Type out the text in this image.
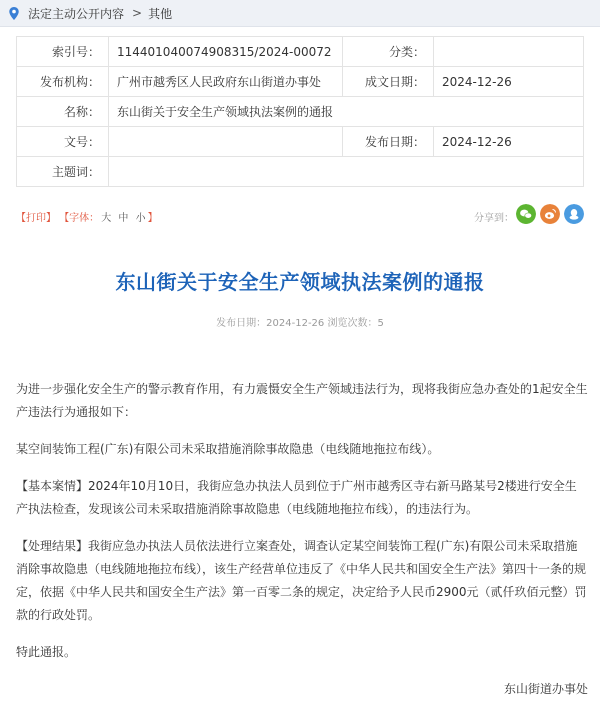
法定主动公开内容 > 其他
索引号：	114401040074908315/2024-00072	分类：	
发布机构：	广州市越秀区人民政府东山街道办事处	成文日期：	2024-12-26
名称：	东山街关于安全生产领域执法案例的通报		
文号：		发布日期：	2024-12-26
主题词：			
【打印】 【字体： 大 中 小 】	分享到：
东山街关于安全生产领域执法案例的通报
发布日期：2024-12-26 浏览次数：5

为进一步强化安全生产的警示教育作用，有力震慑安全生产领域违法行为，现将我街应急办查处的1起安全生产违法行为通报如下：

某空间装饰工程(广东)有限公司未采取措施消除事故隐患（电线随地拖拉布线）。

【基本案情】2024年10月10日，我街应急办执法人员到位于广州市越秀区寺右新马路某号2楼进行安全生产执法检查，发现该公司未采取措施消除事故隐患（电线随地拖拉布线），的违法行为。

【处理结果】我街应急办执法人员依法进行立案查处，调查认定某空间装饰工程(广东)有限公司未采取措施消除事故隐患（电线随地拖拉布线），该生产经营单位违反了《中华人民共和国安全生产法》第四十一条的规定，依据《中华人民共和国安全生产法》第一百零二条的规定，决定给予人民币2900元（贰仟玖佰元整）罚款的行政处罚。

特此通报。

东山街道办事处
